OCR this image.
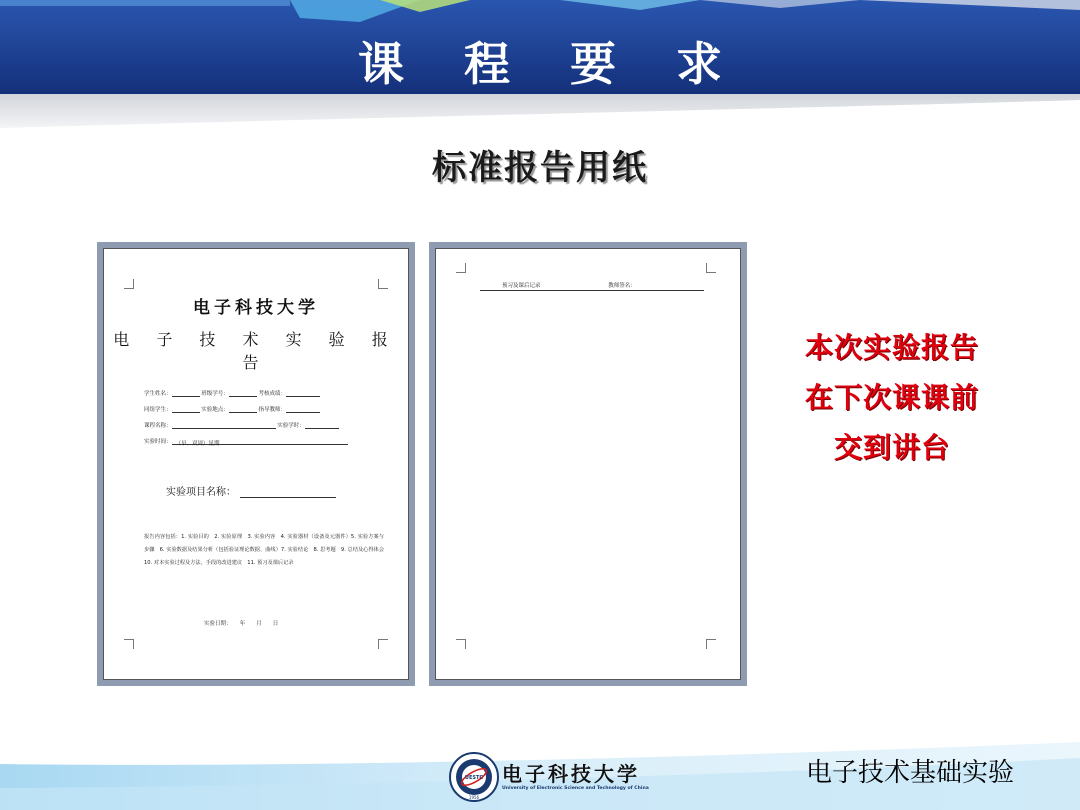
课 程 要 求
标准报告用纸
电子科技大学
电 子 技 术 实 验 报 告
学生姓名：	班级学号：	考核成绩：
同组学生：	实验地点：	指导教师：
课程名称：	实验学时：
实验时间： （早、双周）星期
实验项目名称：
报告内容包括：1. 实验目的　2. 实验原理　3. 实验内容　4. 实验器材（设备及元器件）5. 实验方案与步骤　6. 实验数据及结果分析（包括验证理论数据、曲线）7. 实验结论　8. 思考题　9. 总结及心得体会　10. 对本实验过程及方法、手段的改进建议　11. 预习及课后记录
实验日期：　　年　　月　　日
预习及课后记录	教师签名：
本次实验报告
在下次课课前
交到讲台
UESTC
1956
电子科技大学
University of Electronic Science and Technology of China
电子技术基础实验
